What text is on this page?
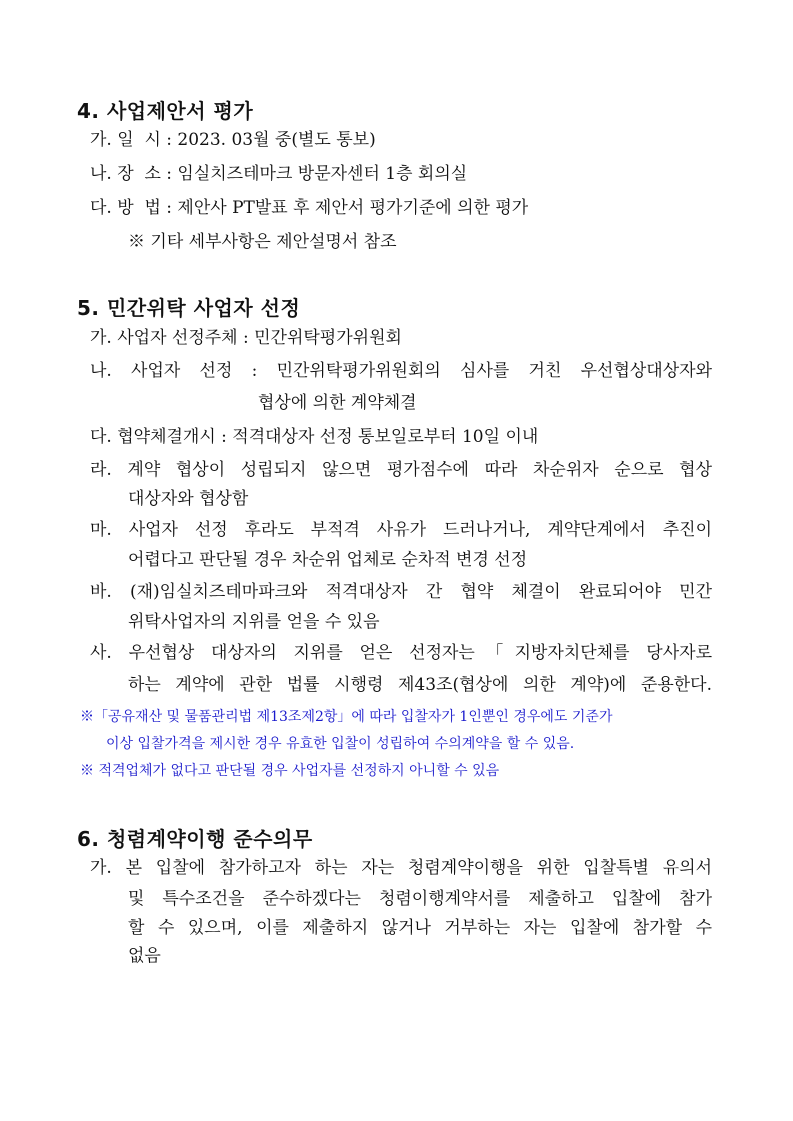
4. 사업제안서 평가
가. 일  시 : 2023. 03월 중(별도 통보)
나. 장  소 : 임실치즈테마크 방문자센터 1층 회의실
다. 방  법 : 제안사 PT발표 후 제안서 평가기준에 의한 평가
※ 기타 세부사항은 제안설명서 참조
5. 민간위탁 사업자 선정
가. 사업자 선정주체 : 민간위탁평가위원회
나. 사업자 선정 : 민간위탁평가위원회의 심사를 거친 우선협상대상자와
협상에 의한 계약체결
다. 협약체결개시 : 적격대상자 선정 통보일로부터 10일 이내
라. 계약 협상이 성립되지 않으면 평가점수에 따라 차순위자 순으로 협상
대상자와 협상함
마. 사업자 선정 후라도 부적격 사유가 드러나거나, 계약단계에서 추진이
어렵다고 판단될 경우 차순위 업체로 순차적 변경 선정
바. (재)임실치즈테마파크와 적격대상자 간 협약 체결이 완료되어야 민간
위탁사업자의 지위를 얻을 수 있음
사. 우선협상 대상자의 지위를 얻은 선정자는「지방자치단체를 당사자로
하는 계약에 관한 법률 시행령 제43조(협상에 의한 계약)에 준용한다.
※「공유재산 및 물품관리법 제13조제2항」에 따라 입찰자가 1인뿐인 경우에도 기준가
이상 입찰가격을 제시한 경우 유효한 입찰이 성립하여 수의계약을 할 수 있음.
※ 적격업체가 없다고 판단될 경우 사업자를 선정하지 아니할 수 있음
6. 청렴계약이행 준수의무
가. 본 입찰에 참가하고자 하는 자는 청렴계약이행을 위한 입찰특별 유의서
및 특수조건을 준수하겠다는 청렴이행계약서를 제출하고 입찰에 참가
할 수 있으며, 이를 제출하지 않거나 거부하는 자는 입찰에 참가할 수
없음
